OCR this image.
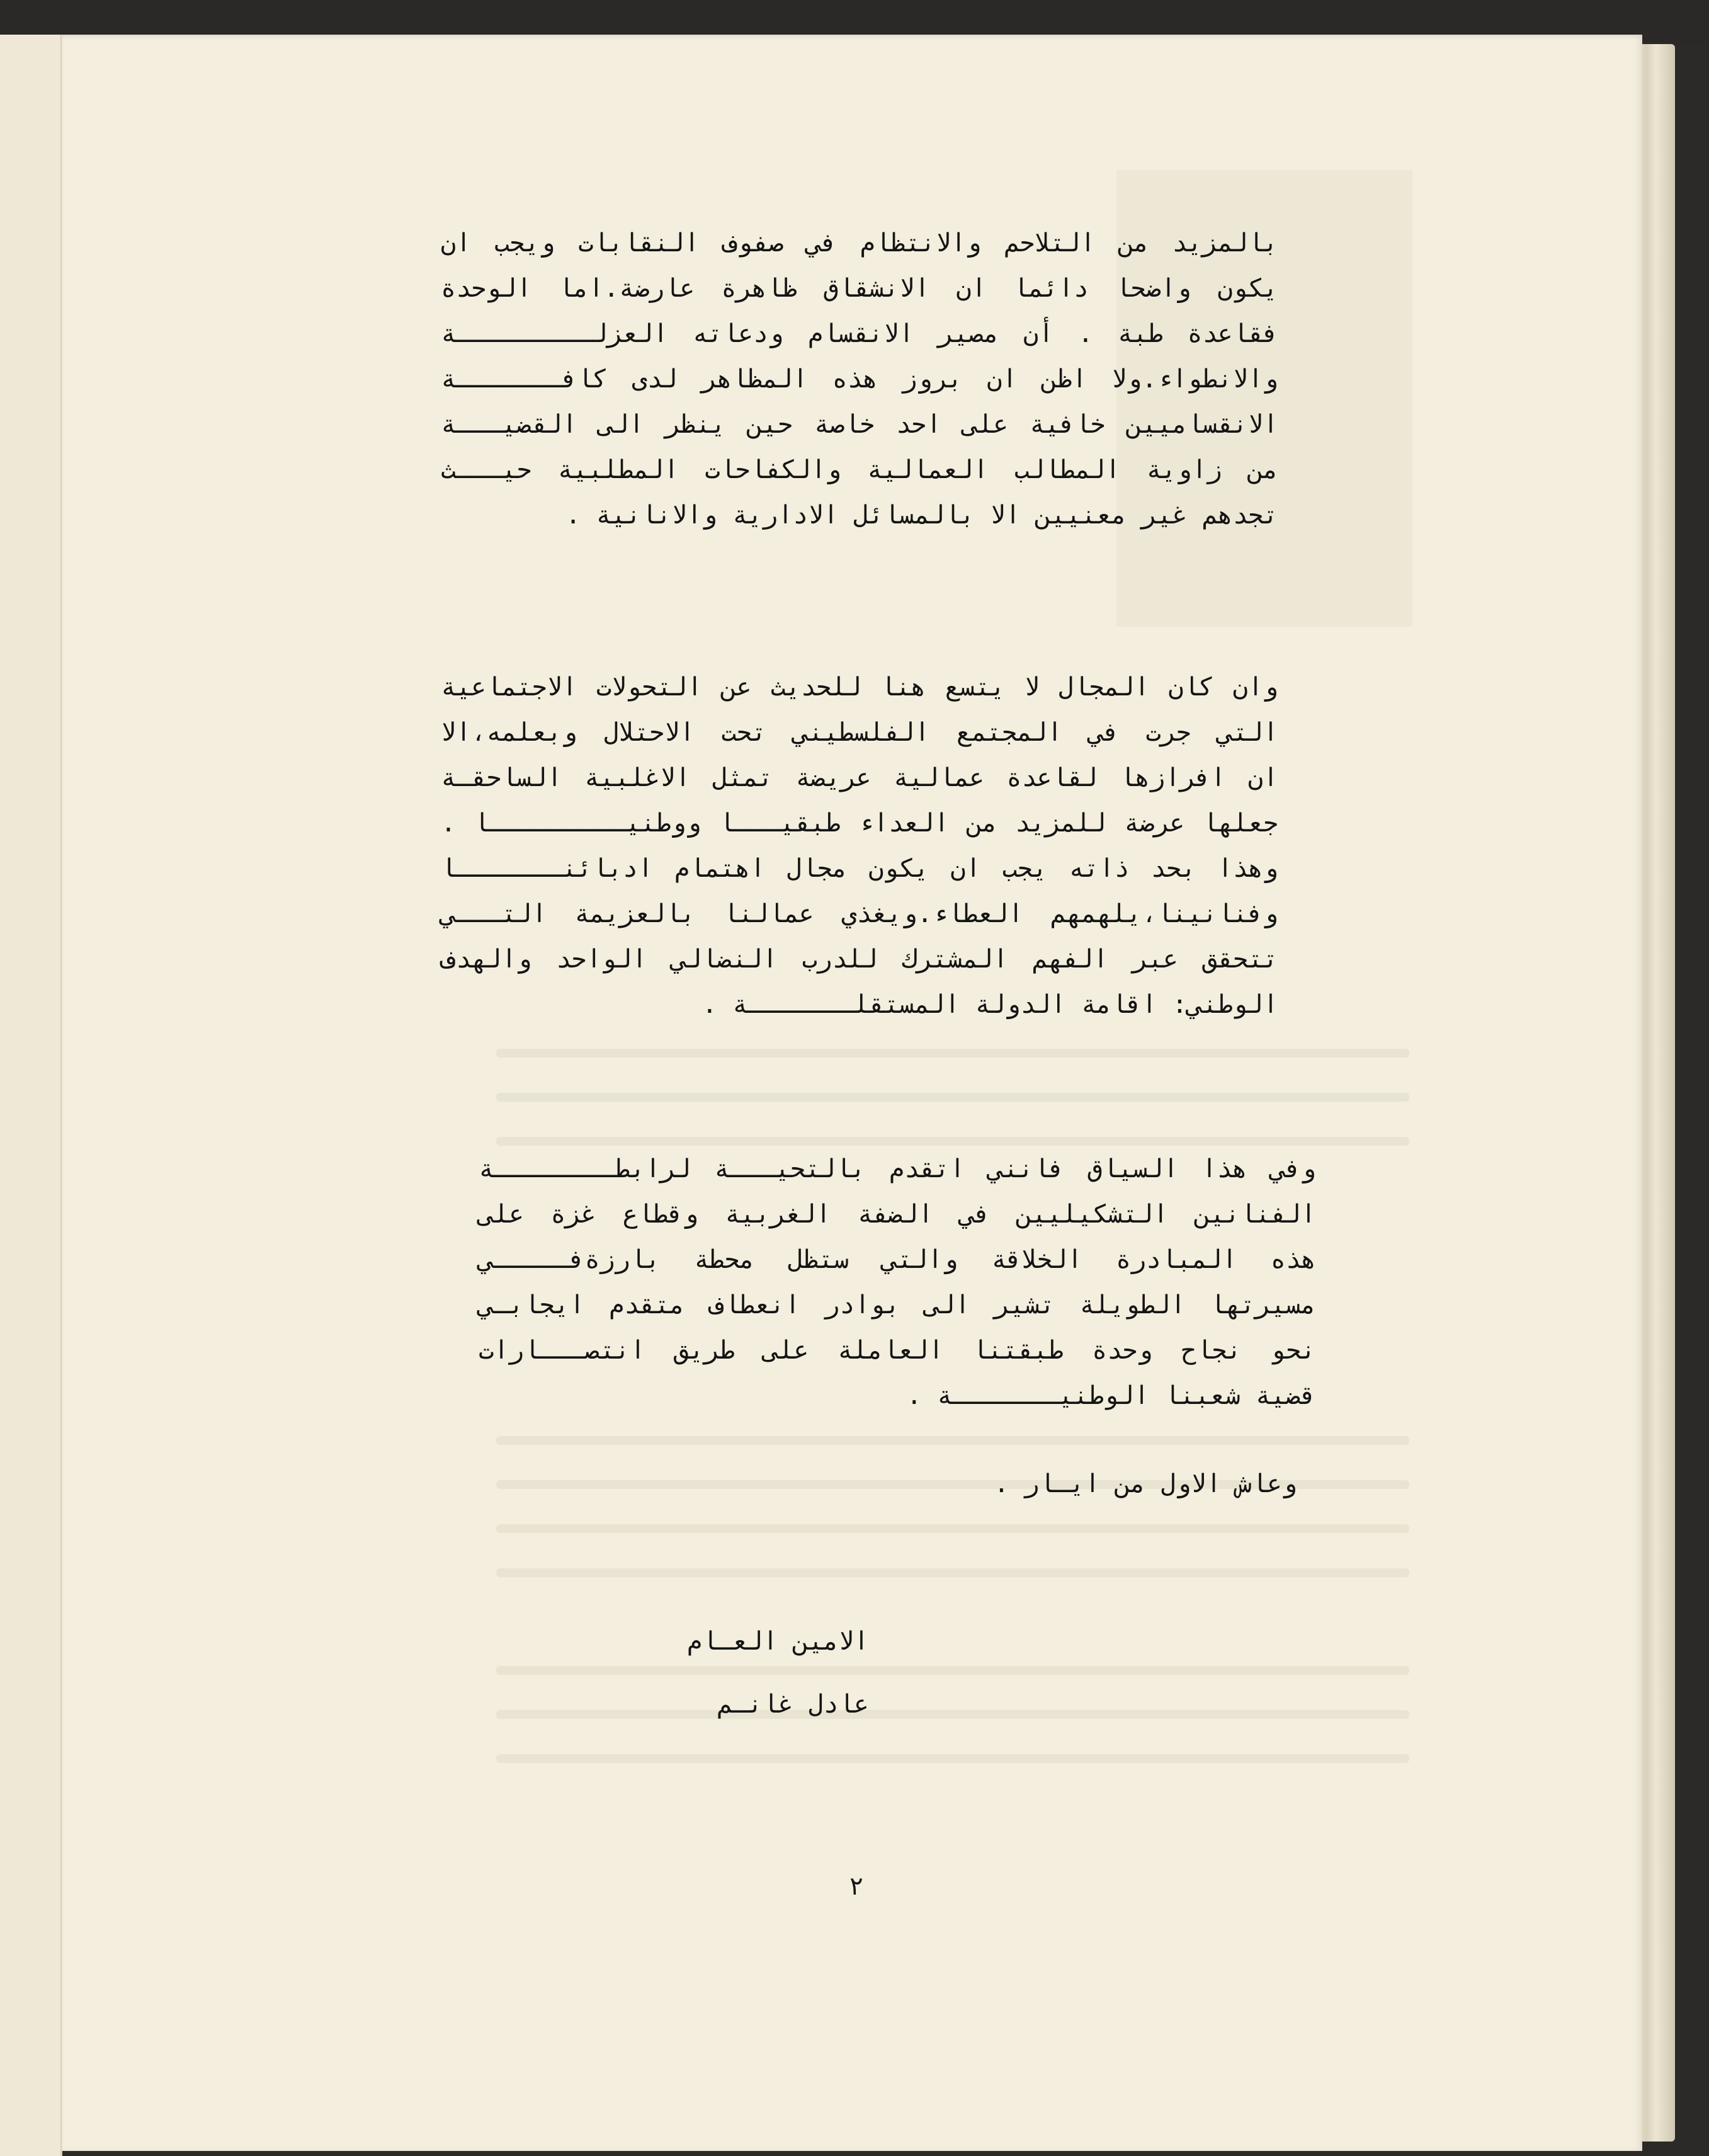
بالمزيد من التلاحم والانتظام في صفوف النقابات ويجب ان
يكون واضحا دائما ان الانشقاق ظاهرة عارضة.اما الوحدة
فقاعدة طبة . أن مصير الانقسام ودعاته العزلـــــــــة
والانطواء.ولا اظن ان بروز هذه المظاهر لدى كافـــــــة
الانقساميين خافية على احد خاصة حين ينظر الى القضيـــة
من زاوية المطالب العمالية والكفاحات المطلبية حيـــث
تجدهم غير معنيين الا بالمسائل الادارية والانانية .
وان كان المجال لا يتسع هنا للحديث عن التحولات الاجتماعية
التي جرت في المجتمع الفلسطيني تحت الاحتلال وبعلمه،الا
ان افرازها لقاعدة عمالية عريضة تمثل الاغلبية الساحقـة
جعلها عرضة للمزيد من العداء طبقيـــا ووطنيـــــــــا .
وهذا بحد ذاته يجب ان يكون مجال اهتمام ادبائنـــــــا
وفنانينا،يلهمهم العطاء.ويغذي عمالنا بالعزيمة التـــي
تتحقق عبر الفهم المشترك للدرب النضالي الواحد والهدف
الوطني: اقامة الدولة المستقلـــــــة .
وفي هذا السياق فانني اتقدم بالتحيـــة لرابطــــــــة
الفنانين التشكيليين في الضفة الغربية وقطاع غزة على
هذه المبادرة الخلاقة والتي ستظل محطة بارزةفـــــي
مسيرتها الطويلة تشير الى بوادر انعطاف متقدم ايجابـي
نحو نجاح وحدة طبقتنا العاملة على طريق انتصـــارات
قضية شعبنا الوطنيـــــــة .
وعاش الاول من ايـار .
الامين العـام
عادل غانـم
٢
